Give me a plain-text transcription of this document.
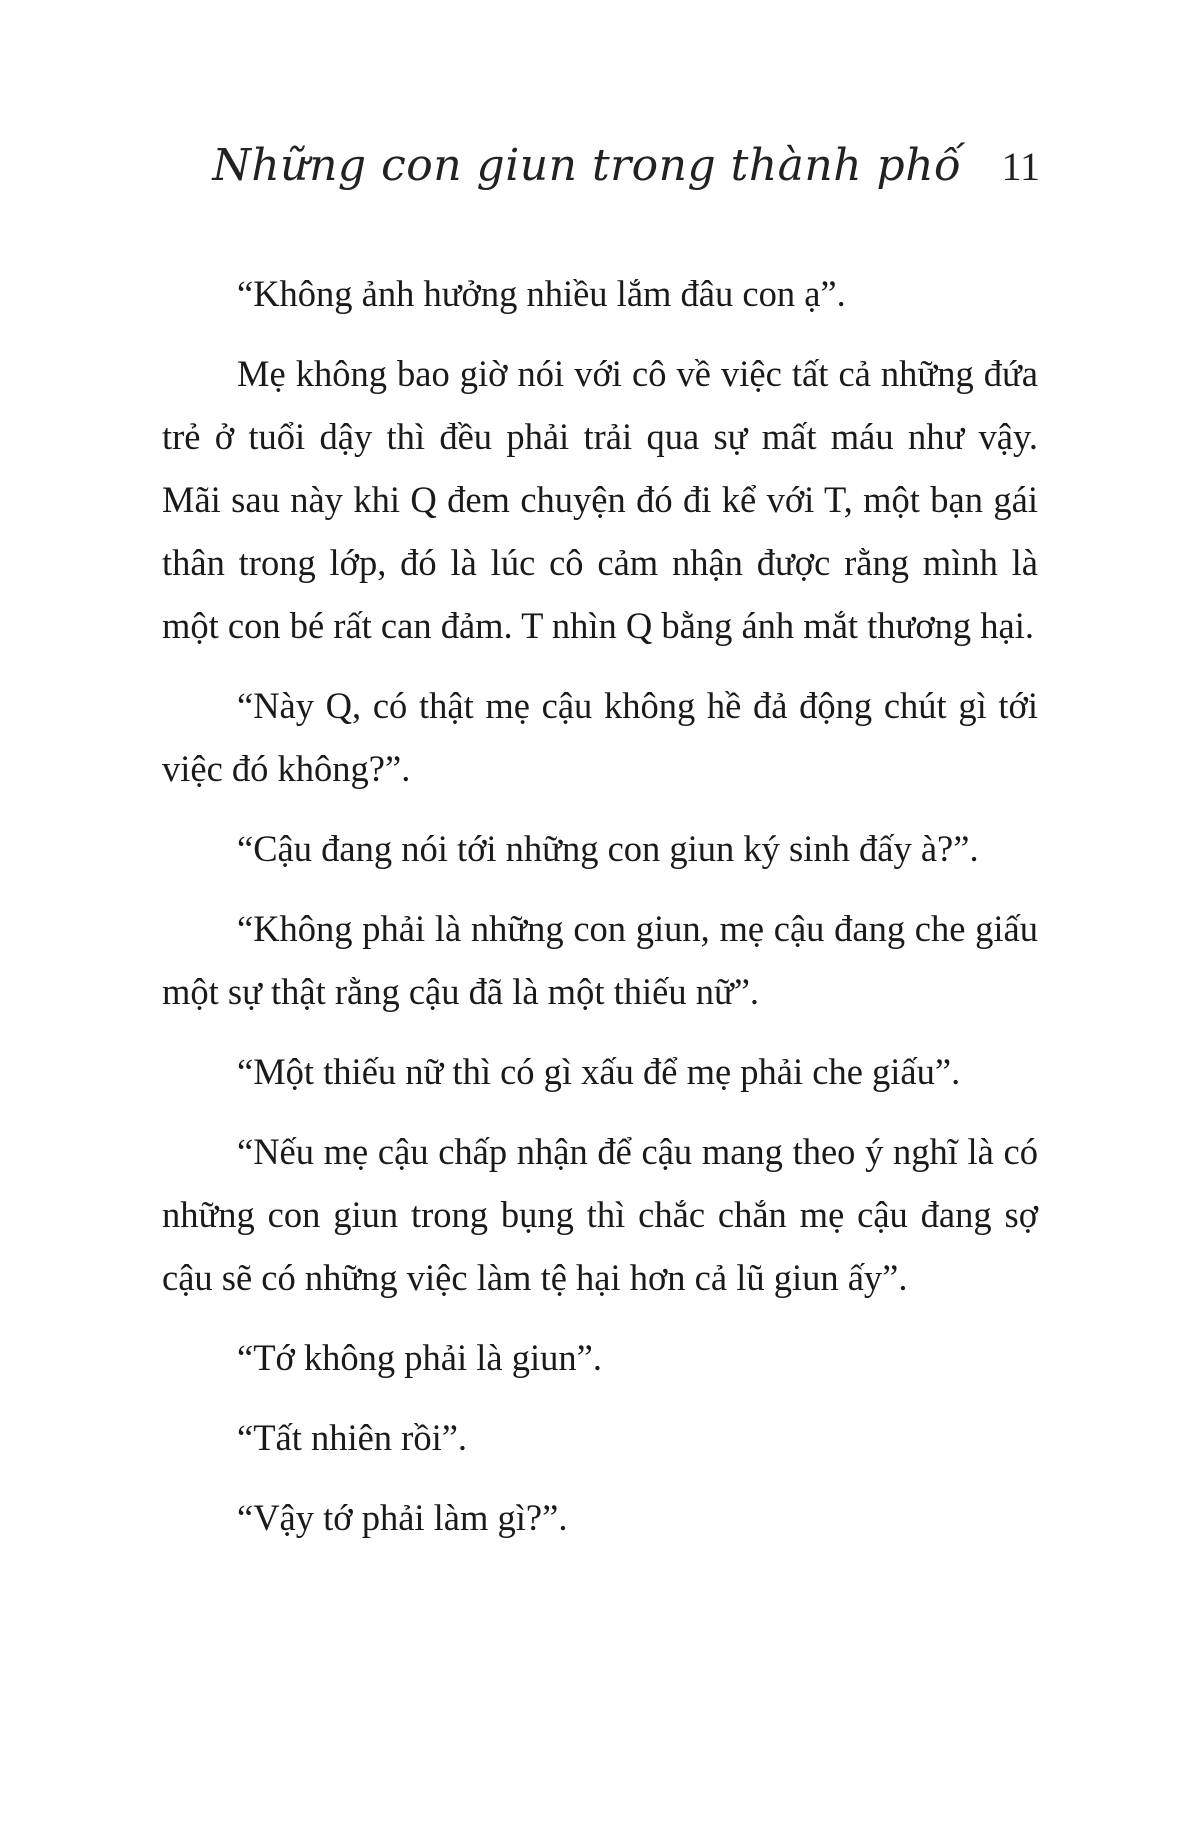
Những con giun trong thành phố 11

“Không ảnh hưởng nhiều lắm đâu con ạ”.

Mẹ không bao giờ nói với cô về việc tất cả những đứa trẻ ở tuổi dậy thì đều phải trải qua sự mất máu như vậy. Mãi sau này khi Q đem chuyện đó đi kể với T, một bạn gái thân trong lớp, đó là lúc cô cảm nhận được rằng mình là một con bé rất can đảm. T nhìn Q bằng ánh mắt thương hại.

“Này Q, có thật mẹ cậu không hề đả động chút gì tới việc đó không?”.

“Cậu đang nói tới những con giun ký sinh đấy à?”.

“Không phải là những con giun, mẹ cậu đang che giấu một sự thật rằng cậu đã là một thiếu nữ”.

“Một thiếu nữ thì có gì xấu để mẹ phải che giấu”.

“Nếu mẹ cậu chấp nhận để cậu mang theo ý nghĩ là có những con giun trong bụng thì chắc chắn mẹ cậu đang sợ cậu sẽ có những việc làm tệ hại hơn cả lũ giun ấy”.

“Tớ không phải là giun”.

“Tất nhiên rồi”.

“Vậy tớ phải làm gì?”.
